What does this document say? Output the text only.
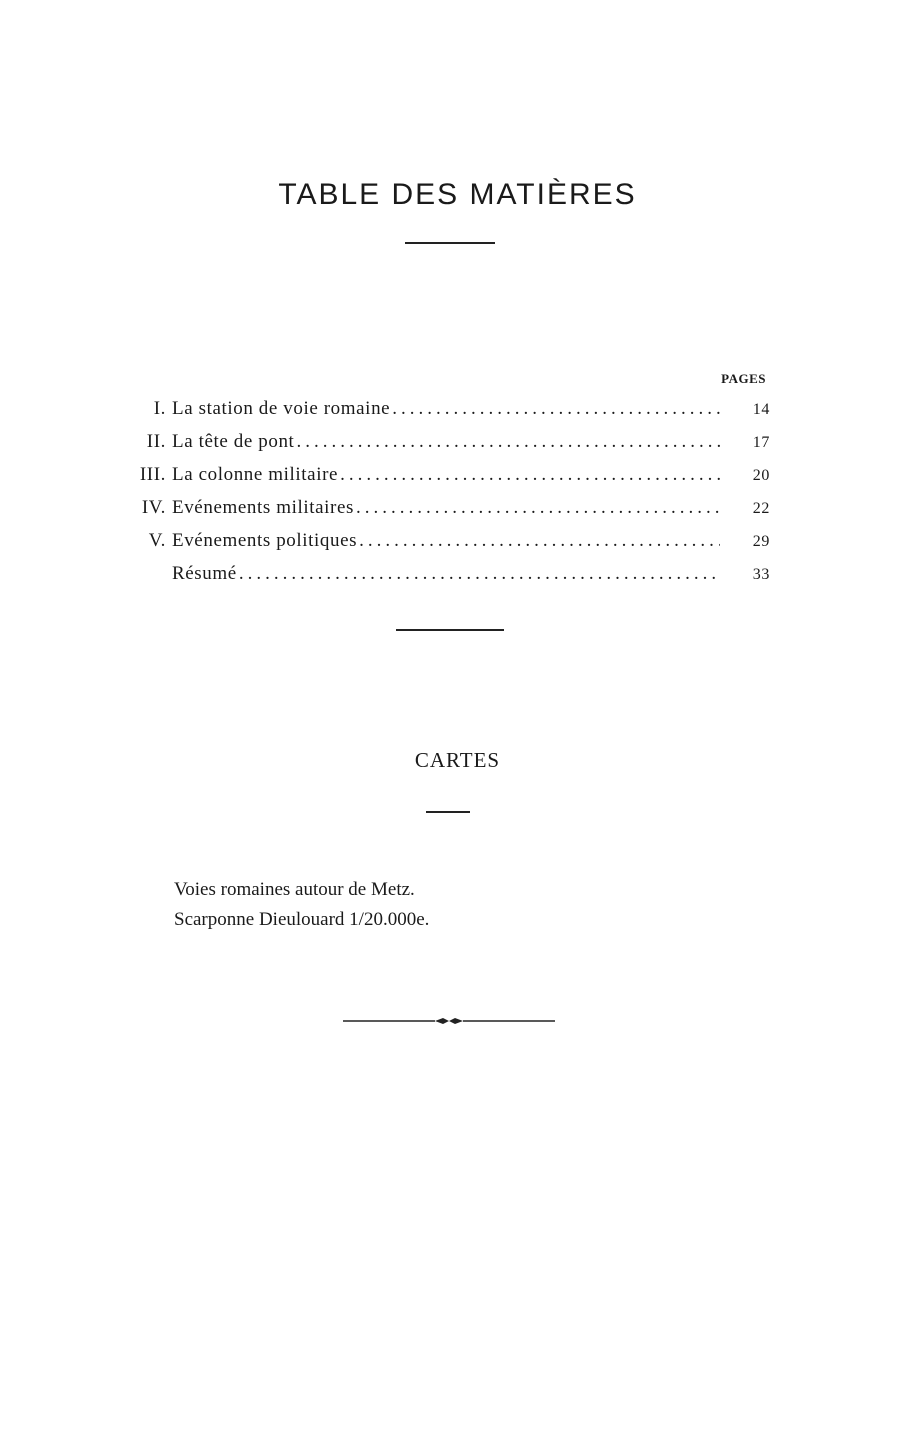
TABLE DES MATIÈRES
PAGES
I. La station de voie romaine .....	14
II. La tête de pont .....	17
III. La colonne militaire .....	20
IV. Evénements militaires .....	22
V. Evénements politiques .....	29
Résumé .....	33
CARTES
Voies romaines autour de Metz.
Scarponne Dieulouard 1/20.000e.
